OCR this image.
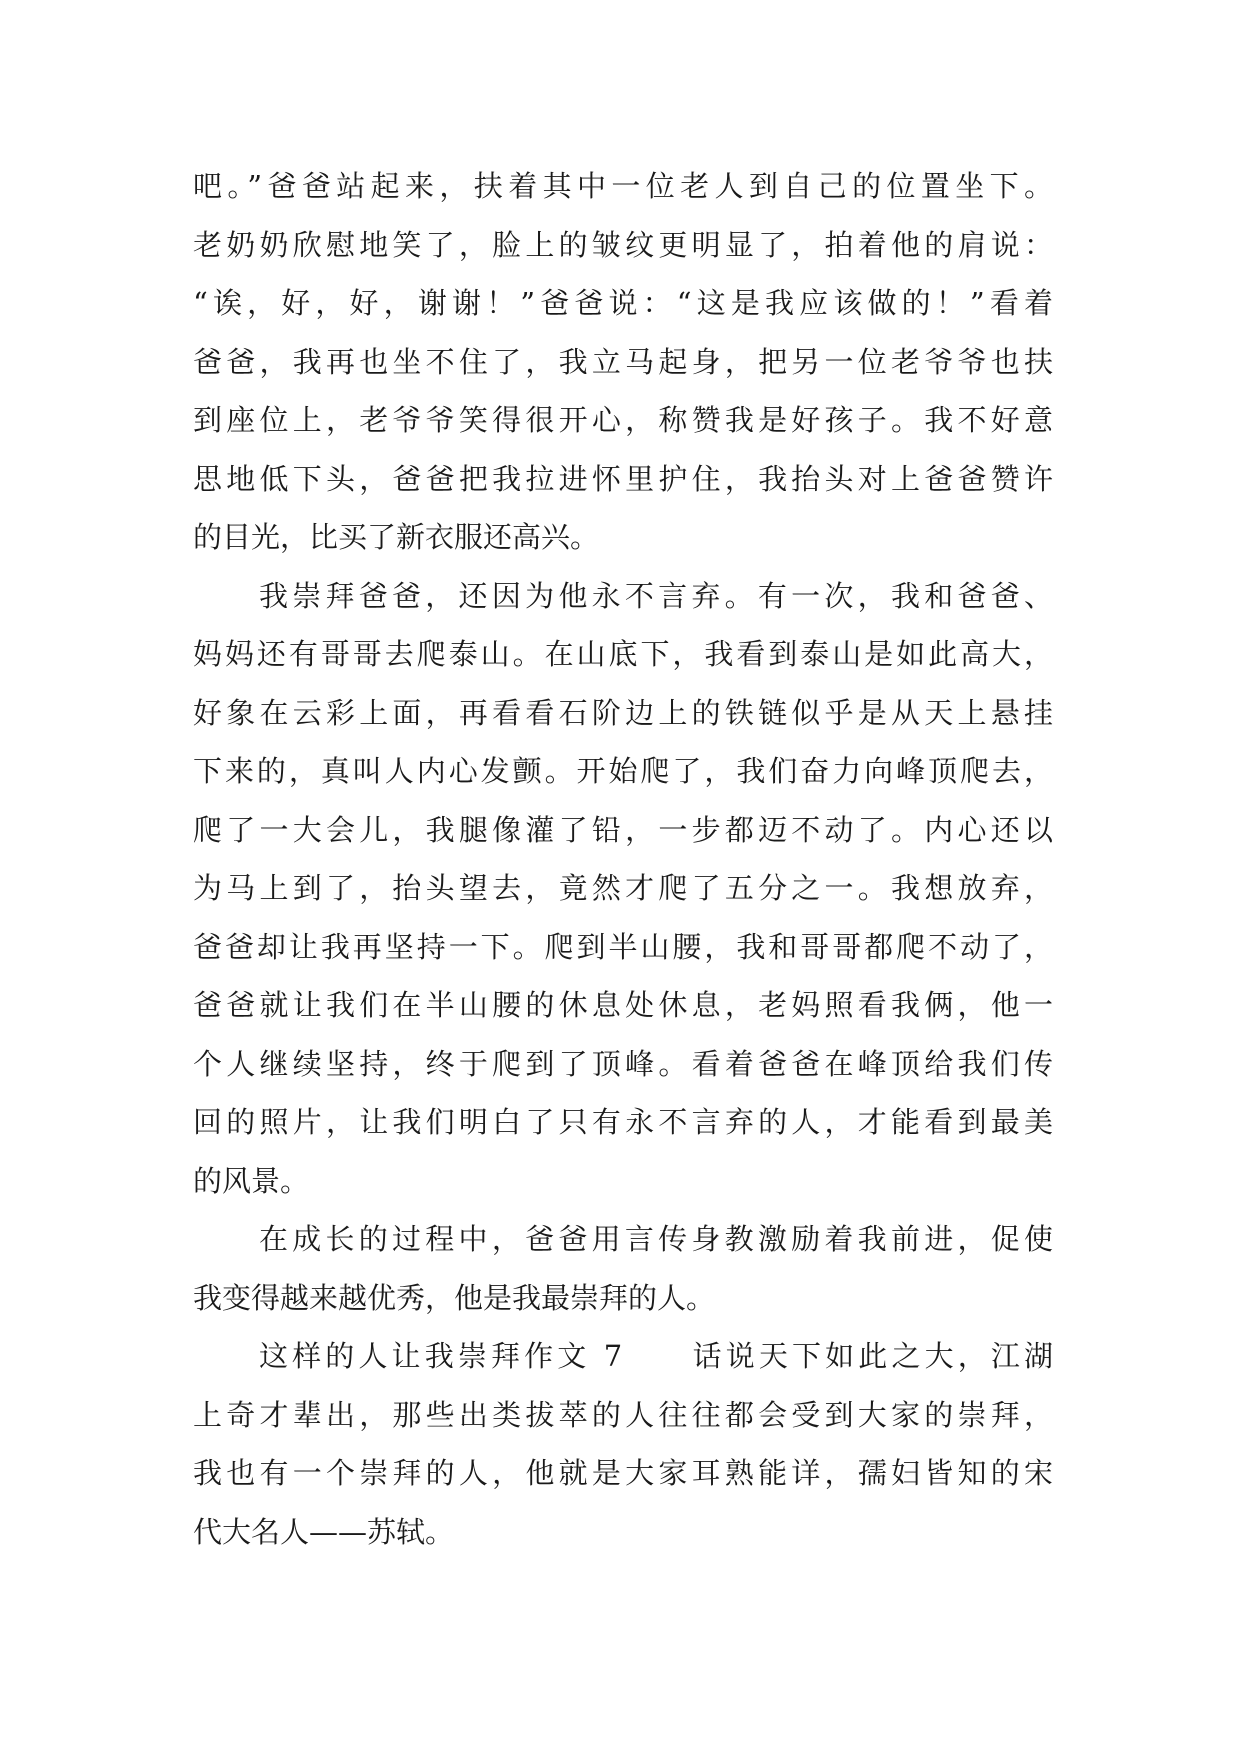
吧。”爸爸站起来，扶着其中一位老人到自己的位置坐下。
老奶奶欣慰地笑了，脸上的皱纹更明显了，拍着他的肩说：
“诶，好，好，谢谢！”爸爸说：“这是我应该做的！”看着
爸爸，我再也坐不住了，我立马起身，把另一位老爷爷也扶
到座位上，老爷爷笑得很开心，称赞我是好孩子。我不好意
思地低下头，爸爸把我拉进怀里护住，我抬头对上爸爸赞许
的目光，比买了新衣服还高兴。
我崇拜爸爸，还因为他永不言弃。有一次，我和爸爸、
妈妈还有哥哥去爬泰山。在山底下，我看到泰山是如此高大，
好象在云彩上面，再看看石阶边上的铁链似乎是从天上悬挂
下来的，真叫人内心发颤。开始爬了，我们奋力向峰顶爬去，
爬了一大会儿，我腿像灌了铅，一步都迈不动了。内心还以
为马上到了，抬头望去，竟然才爬了五分之一。我想放弃，
爸爸却让我再坚持一下。爬到半山腰，我和哥哥都爬不动了，
爸爸就让我们在半山腰的休息处休息，老妈照看我俩，他一
个人继续坚持，终于爬到了顶峰。看着爸爸在峰顶给我们传
回的照片，让我们明白了只有永不言弃的人，才能看到最美
的风景。
在成长的过程中，爸爸用言传身教激励着我前进，促使
我变得越来越优秀，他是我最崇拜的人。
这样的人让我崇拜作文 7　　话说天下如此之大，江湖
上奇才辈出，那些出类拔萃的人往往都会受到大家的崇拜，
我也有一个崇拜的人，他就是大家耳熟能详，孺妇皆知的宋
代大名人——苏轼。
